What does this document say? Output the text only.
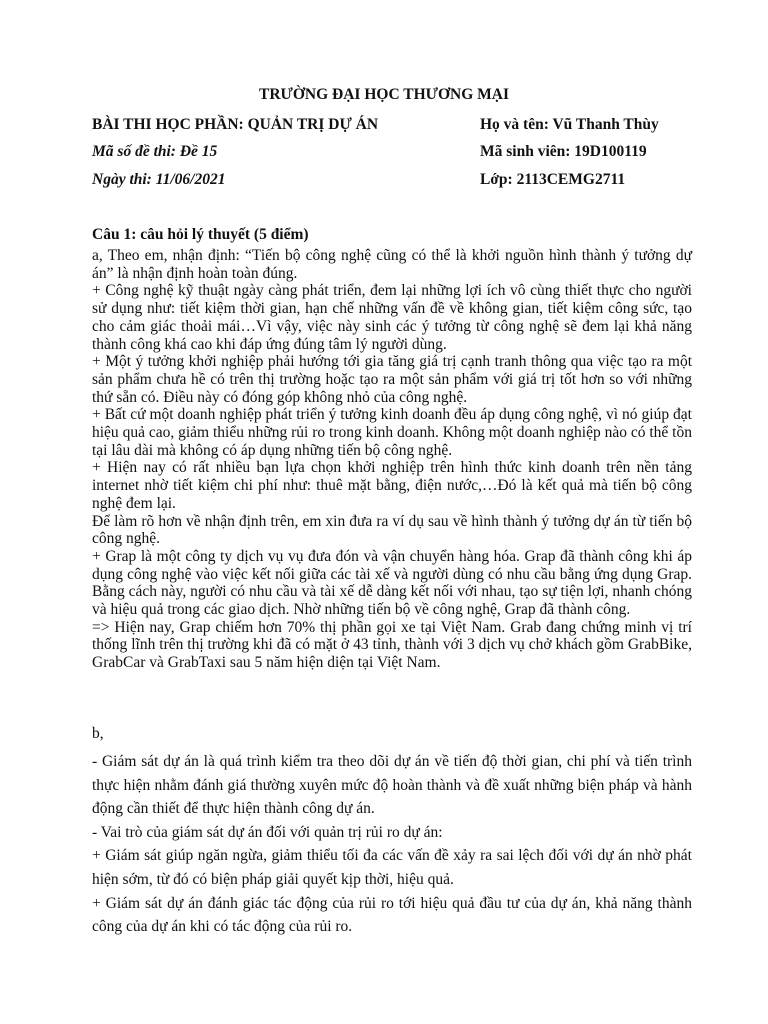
TRƯỜNG ĐẠI HỌC THƯƠNG MẠI
BÀI THI HỌC PHẦN: QUẢN TRỊ DỰ ÁN	Họ và tên: Vũ Thanh Thùy
Mã số đề thi: Đề 15	Mã sinh viên: 19D100119
Ngày thi: 11/06/2021	Lớp: 2113CEMG2711
Câu 1: câu hỏi lý thuyết (5 điểm)

a, Theo em, nhận định: “Tiến bộ công nghệ cũng có thể là khởi nguồn hình thành ý tưởng dự án” là nhận định hoàn toàn đúng.

+ Công nghệ kỹ thuật ngày càng phát triển, đem lại những lợi ích vô cùng thiết thực cho người sử dụng như: tiết kiệm thời gian, hạn chế những vấn đề về không gian, tiết kiệm công sức, tạo cho cảm giác thoải mái…Vì vậy, việc này sinh các ý tưởng từ công nghệ sẽ đem lại khả năng thành công khá cao khi đáp ứng đúng tâm lý người dùng.

+ Một ý tưởng khởi nghiệp phải hướng tới gia tăng giá trị cạnh tranh thông qua việc tạo ra một sản phẩm chưa hề có trên thị trường hoặc tạo ra một sản phẩm với giá trị tốt hơn so với những thứ sẵn có. Điều này có đóng góp không nhỏ của công nghệ.

+ Bất cứ một doanh nghiệp phát triển ý tưởng kinh doanh đều áp dụng công nghệ, vì nó giúp đạt hiệu quả cao, giảm thiểu những rủi ro trong kinh doanh. Không một doanh nghiệp nào có thể tồn tại lâu dài mà không có áp dụng những tiến bộ công nghệ.

+ Hiện nay có rất nhiều bạn lựa chọn khởi nghiệp trên hình thức kinh doanh trên nền tảng internet nhờ tiết kiệm chi phí như: thuê mặt bằng, điện nước,…Đó là kết quả mà tiến bộ công nghệ đem lại.

Để làm rõ hơn về nhận định trên, em xin đưa ra ví dụ sau về hình thành ý tưởng dự án từ tiến bộ công nghệ.

+ Grap là một công ty dịch vụ vụ đưa đón và vận chuyển hàng hóa. Grap đã thành công khi áp dụng công nghệ vào việc kết nối giữa các tài xế và người dùng có nhu cầu bằng ứng dụng Grap. Bằng cách này, người có nhu cầu và tài xế dễ dàng kết nối với nhau, tạo sự tiện lợi, nhanh chóng và hiệu quả trong các giao dịch. Nhờ những tiến bộ về công nghệ, Grap đã thành công.

=> Hiện nay, Grap chiếm hơn 70% thị phần gọi xe tại Việt Nam. Grab đang chứng minh vị trí thống lĩnh trên thị trường khi đã có mặt ở 43 tỉnh, thành với 3 dịch vụ chở khách gồm GrabBike, GrabCar và GrabTaxi sau 5 năm hiện diện tại Việt Nam.

b,

- Giám sát dự án là quá trình kiểm tra theo dõi dự án về tiến độ thời gian, chi phí và tiến trình thực hiện nhằm đánh giá thường xuyên mức độ hoàn thành và đề xuất những biện pháp và hành động cần thiết để thực hiện thành công dự án.

- Vai trò của giám sát dự án đối với quản trị rủi ro dự án:

+ Giám sát giúp ngăn ngừa, giảm thiểu tối đa các vấn đề xảy ra sai lệch đối với dự án nhờ phát hiện sớm, từ đó có biện pháp giải quyết kịp thời, hiệu quả.

+ Giám sát dự án đánh giác tác động của rủi ro tới hiệu quả đầu tư của dự án, khả năng thành công của dự án khi có tác động của rủi ro.
